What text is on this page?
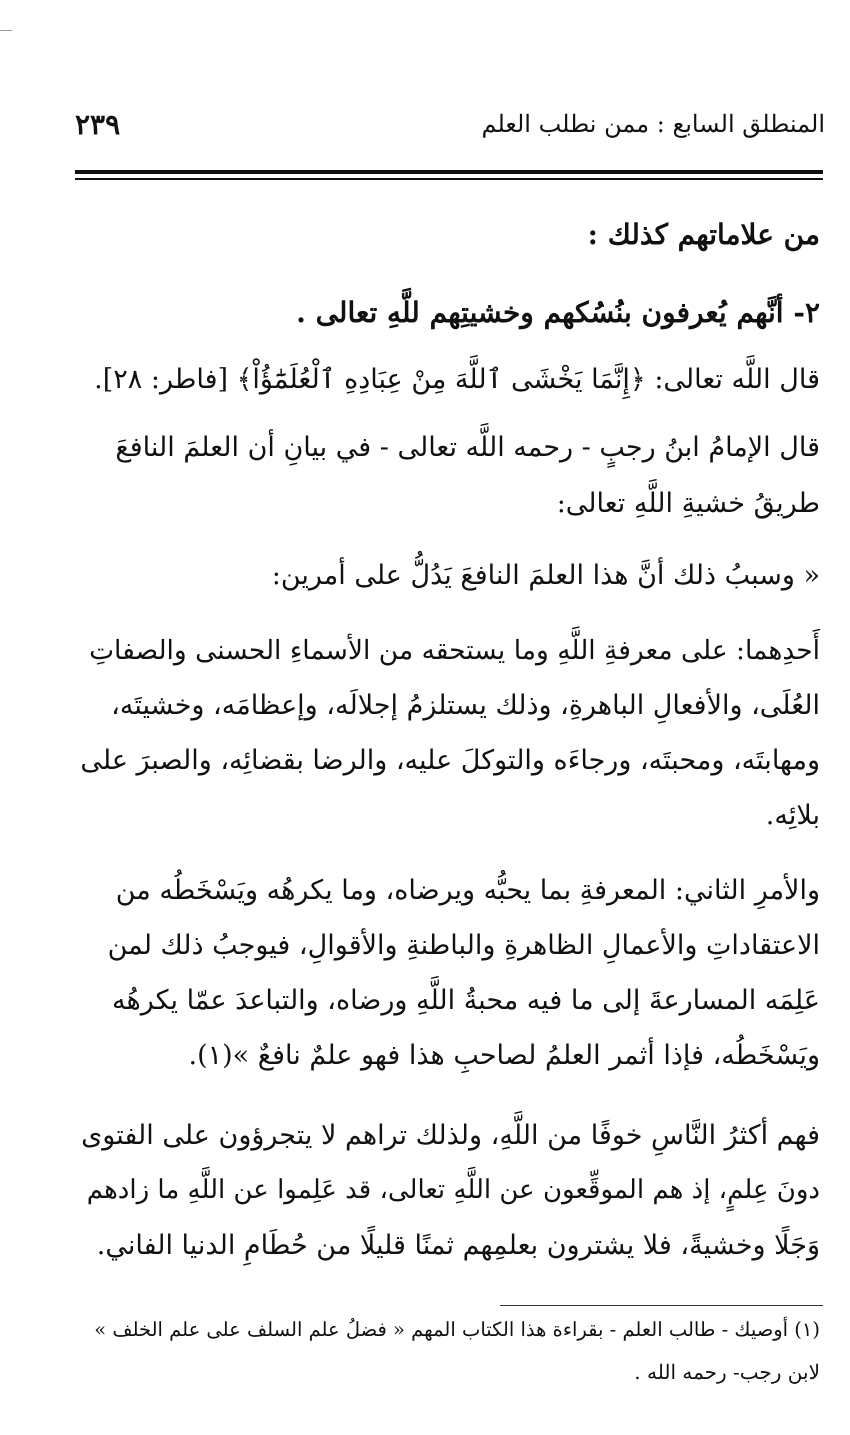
المنطلق السابع : ممن نطلب العلم
٢٣٩
من علاماتهم كذلك :
٢- أنَّهم يُعرفون بنُسُكهم وخشيتِهم للَّهِ تعالى .
قال اللَّه تعالى: ﴿إِنَّمَا يَخْشَى ٱللَّهَ مِنْ عِبَادِهِ ٱلْعُلَمَٰٓؤُاْ﴾ [فاطر: ٢٨].
قال الإمامُ ابنُ رجبٍ - رحمه اللَّه تعالى - في بيانِ أن العلمَ النافعَ
طريقُ خشيةِ اللَّهِ تعالى:
« وسببُ ذلك أنَّ هذا العلمَ النافعَ يَدُلُّ على أمرين:
أَحدِهما: على معرفةِ اللَّهِ وما يستحقه من الأسماءِ الحسنى والصفاتِ
العُلَى، والأفعالِ الباهرةِ، وذلك يستلزمُ إجلالَه، وإعظامَه، وخشيتَه،
ومهابتَه، ومحبتَه، ورجاءَه والتوكلَ عليه، والرضا بقضائِه، والصبرَ على
بلائِه.
والأمرِ الثاني: المعرفةِ بما يحبُّه ويرضاه، وما يكرهُه ويَسْخَطُه من
الاعتقاداتِ والأعمالِ الظاهرةِ والباطنةِ والأقوالِ، فيوجبُ ذلك لمن
عَلِمَه المسارعةَ إلى ما فيه محبةُ اللَّهِ ورضاه، والتباعدَ عمّا يكرهُه
ويَسْخَطُه، فإذا أثمر العلمُ لصاحبِ هذا فهو علمٌ نافعٌ »(١).
فهم أكثرُ النَّاسِ خوفًا من اللَّهِ، ولذلك تراهم لا يتجرؤون على الفتوى
دونَ عِلمٍ، إذ هم الموقِّعون عن اللَّهِ تعالى، قد عَلِموا عن اللَّهِ ما زادهم
وَجَلًا وخشيةً، فلا يشترون بعلمِهم ثمنًا قليلًا من حُطَامِ الدنيا الفاني.
(١) أوصيك - طالب العلم - بقراءة هذا الكتاب المهم « فضلُ علم السلف على علم الخلف »
لابن رجب- رحمه الله .
